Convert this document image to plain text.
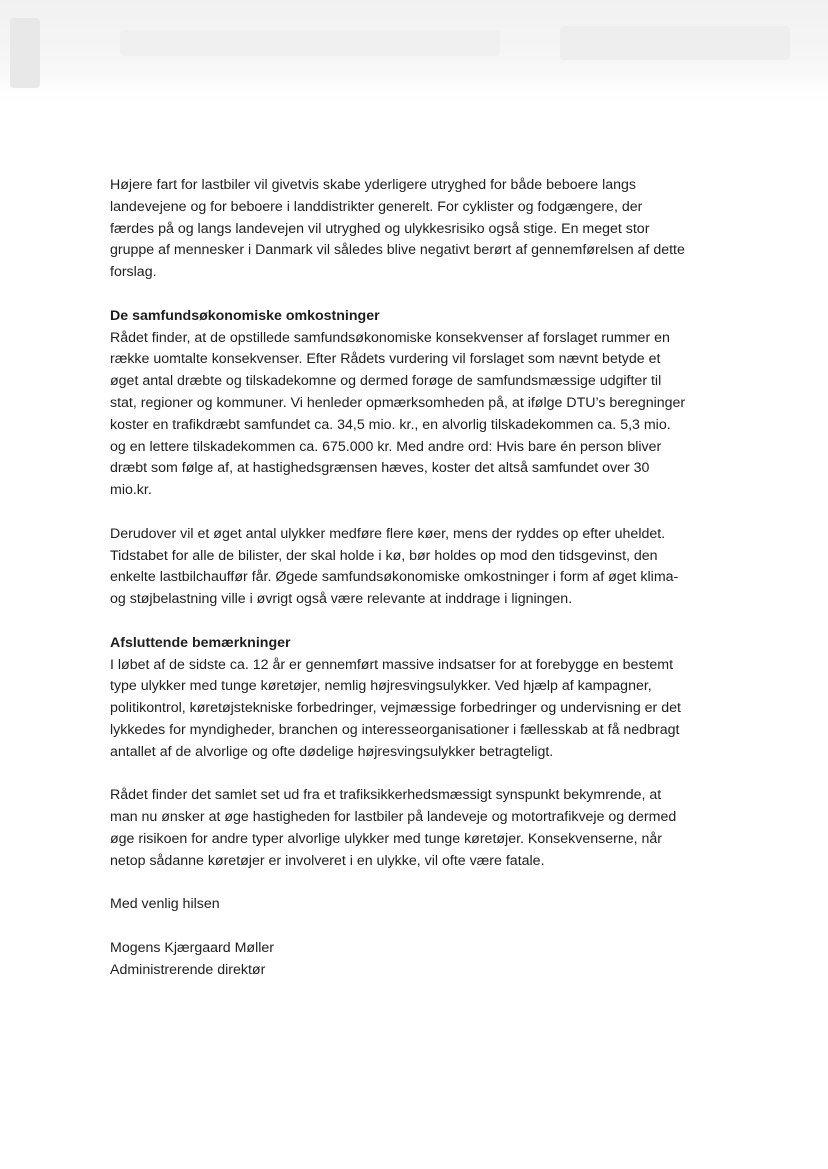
Højere fart for lastbiler vil givetvis skabe yderligere utryghed for både beboere langs landevejene og for beboere i landdistrikter generelt. For cyklister og fodgængere, der færdes på og langs landevejen vil utryghed og ulykkesrisiko også stige. En meget stor gruppe af mennesker i Danmark vil således blive negativt berørt af gennemførelsen af dette forslag.

De samfundsøkonomiske omkostninger
Rådet finder, at de opstillede samfundsøkonomiske konsekvenser af forslaget rummer en række uomtalte konsekvenser. Efter Rådets vurdering vil forslaget som nævnt betyde et øget antal dræbte og tilskadekomne og dermed forøge de samfundsmæssige udgifter til stat, regioner og kommuner. Vi henleder opmærksomheden på, at ifølge DTU’s beregninger koster en trafikdræbt samfundet ca. 34,5 mio. kr., en alvorlig tilskadekommen ca. 5,3 mio. og en lettere tilskadekommen ca. 675.000 kr. Med andre ord: Hvis bare én person bliver dræbt som følge af, at hastighedsgrænsen hæves, koster det altså samfundet over 30 mio.kr.

Derudover vil et øget antal ulykker medføre flere køer, mens der ryddes op efter uheldet. Tidstabet for alle de bilister, der skal holde i kø, bør holdes op mod den tidsgevinst, den enkelte lastbilchauffør får. Øgede samfundsøkonomiske omkostninger i form af øget klima- og støjbelastning ville i øvrigt også være relevante at inddrage i ligningen.

Afsluttende bemærkninger
I løbet af de sidste ca. 12 år er gennemført massive indsatser for at forebygge en bestemt type ulykker med tunge køretøjer, nemlig højresvingsulykker. Ved hjælp af kampagner, politikontrol, køretøjstekniske forbedringer, vejmæssige forbedringer og undervisning er det lykkedes for myndigheder, branchen og interesseorganisationer i fællesskab at få nedbragt antallet af de alvorlige og ofte dødelige højresvingsulykker betragteligt.

Rådet finder det samlet set ud fra et trafiksikkerhedsmæssigt synspunkt bekymrende, at man nu ønsker at øge hastigheden for lastbiler på landeveje og motortrafikveje og dermed øge risikoen for andre typer alvorlige ulykker med tunge køretøjer. Konsekvenserne, når netop sådanne køretøjer er involveret i en ulykke, vil ofte være fatale.

Med venlig hilsen

Mogens Kjærgaard Møller
Administrerende direktør
